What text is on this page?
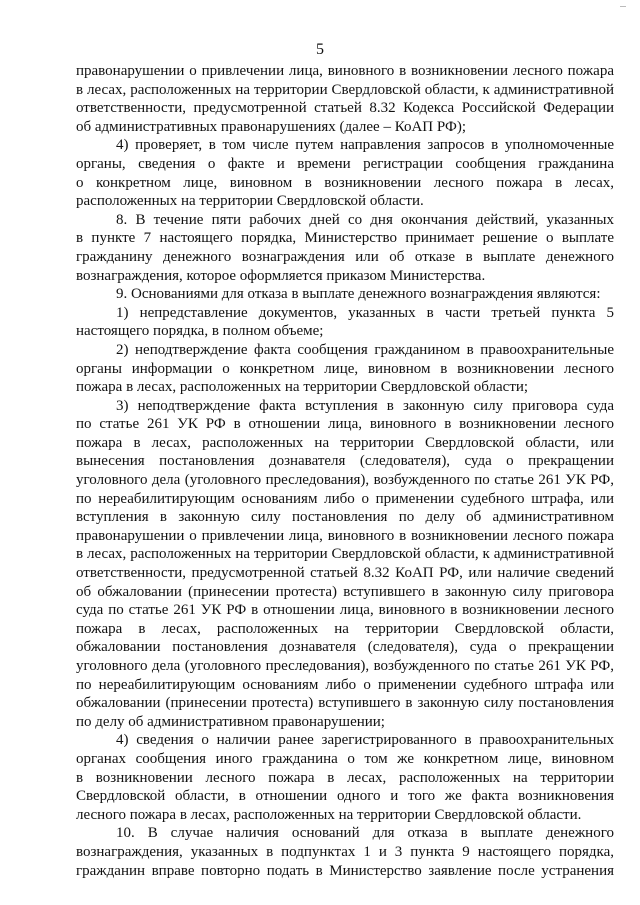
5
правонарушении о привлечении лица, виновного в возникновении лесного пожара
в лесах, расположенных на территории Свердловской области, к административной
ответственности, предусмотренной статьей 8.32 Кодекса Российской Федерации
об административных правонарушениях (далее – КоАП РФ);
4) проверяет, в том числе путем направления запросов в уполномоченные
органы, сведения о факте и времени регистрации сообщения гражданина
о конкретном лице, виновном в возникновении лесного пожара в лесах,
расположенных на территории Свердловской области.
8. В течение пяти рабочих дней со дня окончания действий, указанных
в пункте 7 настоящего порядка, Министерство принимает решение о выплате
гражданину денежного вознаграждения или об отказе в выплате денежного
вознаграждения, которое оформляется приказом Министерства.
9. Основаниями для отказа в выплате денежного вознаграждения являются:
1) непредставление документов, указанных в части третьей пункта 5
настоящего порядка, в полном объеме;
2) неподтверждение факта сообщения гражданином в правоохранительные
органы информации о конкретном лице, виновном в возникновении лесного
пожара в лесах, расположенных на территории Свердловской области;
3) неподтверждение факта вступления в законную силу приговора суда
по статье 261 УК РФ в отношении лица, виновного в возникновении лесного
пожара в лесах, расположенных на территории Свердловской области, или
вынесения постановления дознавателя (следователя), суда о прекращении
уголовного дела (уголовного преследования), возбужденного по статье 261 УК РФ,
по нереабилитирующим основаниям либо о применении судебного штрафа, или
вступления в законную силу постановления по делу об административном
правонарушении о привлечении лица, виновного в возникновении лесного пожара
в лесах, расположенных на территории Свердловской области, к административной
ответственности, предусмотренной статьей 8.32 КоАП РФ, или наличие сведений
об обжаловании (принесении протеста) вступившего в законную силу приговора
суда по статье 261 УК РФ в отношении лица, виновного в возникновении лесного
пожара в лесах, расположенных на территории Свердловской области,
обжаловании постановления дознавателя (следователя), суда о прекращении
уголовного дела (уголовного преследования), возбужденного по статье 261 УК РФ,
по нереабилитирующим основаниям либо о применении судебного штрафа или
обжаловании (принесении протеста) вступившего в законную силу постановления
по делу об административном правонарушении;
4) сведения о наличии ранее зарегистрированного в правоохранительных
органах сообщения иного гражданина о том же конкретном лице, виновном
в возникновении лесного пожара в лесах, расположенных на территории
Свердловской области, в отношении одного и того же факта возникновения
лесного пожара в лесах, расположенных на территории Свердловской области.
10. В случае наличия оснований для отказа в выплате денежного
вознаграждения, указанных в подпунктах 1 и 3 пункта 9 настоящего порядка,
гражданин вправе повторно подать в Министерство заявление после устранения
